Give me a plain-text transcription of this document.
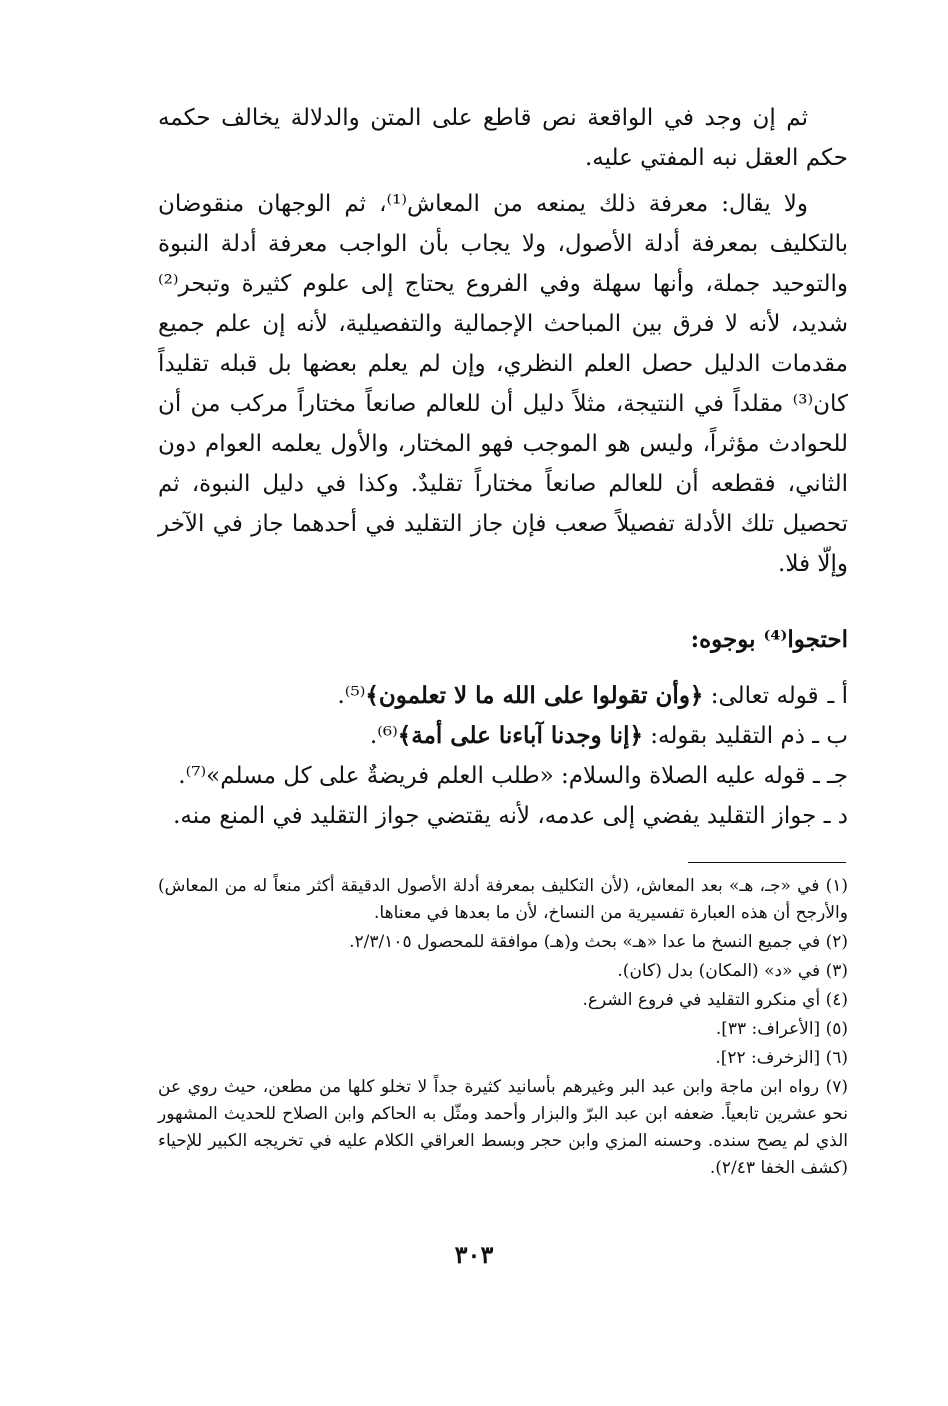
ثم إن وجد في الواقعة نص قاطع على المتن والدلالة يخالف حكمه حكم العقل نبه المفتي عليه.

ولا يقال: معرفة ذلك يمنعه من المعاش⁽¹⁾، ثم الوجهان منقوضان بالتكليف بمعرفة أدلة الأصول، ولا يجاب بأن الواجب معرفة أدلة النبوة والتوحيد جملة، وأنها سهلة وفي الفروع يحتاج إلى علوم كثيرة وتبحر⁽²⁾ شديد، لأنه لا فرق بين المباحث الإجمالية والتفصيلية، لأنه إن علم جميع مقدمات الدليل حصل العلم النظري، وإن لم يعلم بعضها بل قبله تقليداً كان⁽³⁾ مقلداً في النتيجة، مثلاً دليل أن للعالم صانعاً مختاراً مركب من أن للحوادث مؤثراً، وليس هو الموجب فهو المختار، والأول يعلمه العوام دون الثاني، فقطعه أن للعالم صانعاً مختاراً تقليدٌ. وكذا في دليل النبوة، ثم تحصيل تلك الأدلة تفصيلاً صعب فإن جاز التقليد في أحدهما جاز في الآخر وإلّا فلا.

احتجوا⁽⁴⁾ بوجوه:

أ ـ قوله تعالى: ﴿وأن تقولوا على الله ما لا تعلمون﴾⁽⁵⁾.

ب ـ ذم التقليد بقوله: ﴿إنا وجدنا آباءنا على أمة﴾⁽⁶⁾.

جـ ـ قوله عليه الصلاة والسلام: «طلب العلم فريضةٌ على كل مسلم»⁽⁷⁾.

د ـ جواز التقليد يفضي إلى عدمه، لأنه يقتضي جواز التقليد في المنع منه.

(١) في «جـ، هـ» بعد المعاش، (لأن التكليف بمعرفة أدلة الأصول الدقيقة أكثر منعاً له من المعاش) والأرجح أن هذه العبارة تفسيرية من النساخ، لأن ما بعدها في معناها.

(٢) في جميع النسخ ما عدا «هـ» بحث و(هـ) موافقة للمحصول ٢/٣/١٠٥.

(٣) في «د» (المكان) بدل (كان).

(٤) أي منكرو التقليد في فروع الشرع.

(٥) [الأعراف: ٣٣].

(٦) [الزخرف: ٢٢].

(٧) رواه ابن ماجة وابن عبد البر وغيرهم بأسانيد كثيرة جداً لا تخلو كلها من مطعن، حيث روي عن نحو عشرين تابعياً. ضعفه ابن عبد البرّ والبزار وأحمد ومثّل به الحاكم وابن الصلاح للحديث المشهور الذي لم يصح سنده. وحسنه المزي وابن حجر وبسط العراقي الكلام عليه في تخريجه الكبير للإحياء (كشف الخفا ٢/٤٣).

٣٠٣
